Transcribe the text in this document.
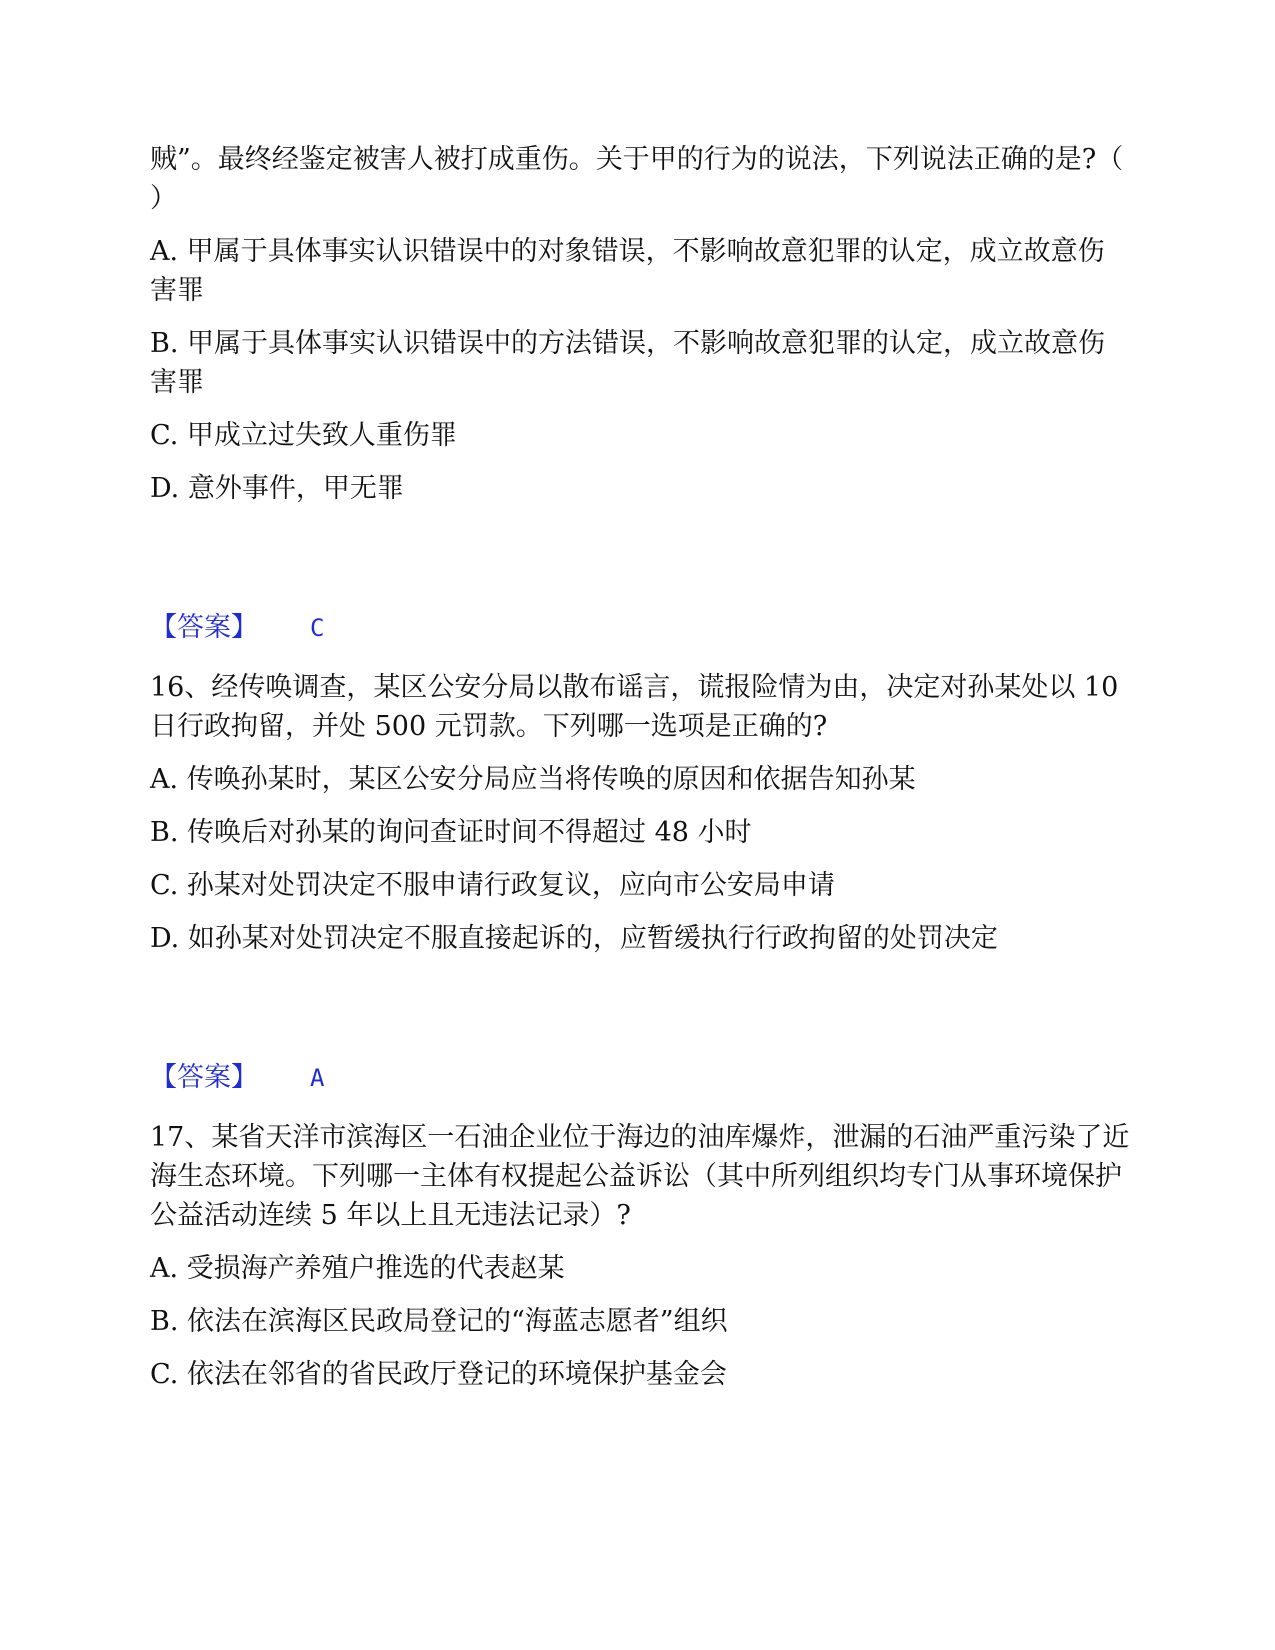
贼”。最终经鉴定被害人被打成重伤。关于甲的行为的说法，下列说法正确的是?（ ）

A. 甲属于具体事实认识错误中的对象错误，不影响故意犯罪的认定，成立故意伤害罪

B. 甲属于具体事实认识错误中的方法错误，不影响故意犯罪的认定，成立故意伤害罪

C. 甲成立过失致人重伤罪

D. 意外事件，甲无罪

【答案】 C

16、经传唤调查，某区公安分局以散布谣言，谎报险情为由，决定对孙某处以 10 日行政拘留，并处 500 元罚款。下列哪一选项是正确的?

A. 传唤孙某时，某区公安分局应当将传唤的原因和依据告知孙某

B. 传唤后对孙某的询问查证时间不得超过 48 小时

C. 孙某对处罚决定不服申请行政复议，应向市公安局申请

D. 如孙某对处罚决定不服直接起诉的，应暂缓执行行政拘留的处罚决定

【答案】 A

17、某省天洋市滨海区一石油企业位于海边的油库爆炸，泄漏的石油严重污染了近海生态环境。下列哪一主体有权提起公益诉讼（其中所列组织均专门从事环境保护公益活动连续 5 年以上且无违法记录）?

A. 受损海产养殖户推选的代表赵某

B. 依法在滨海区民政局登记的“海蓝志愿者”组织

C. 依法在邻省的省民政厅登记的环境保护基金会
